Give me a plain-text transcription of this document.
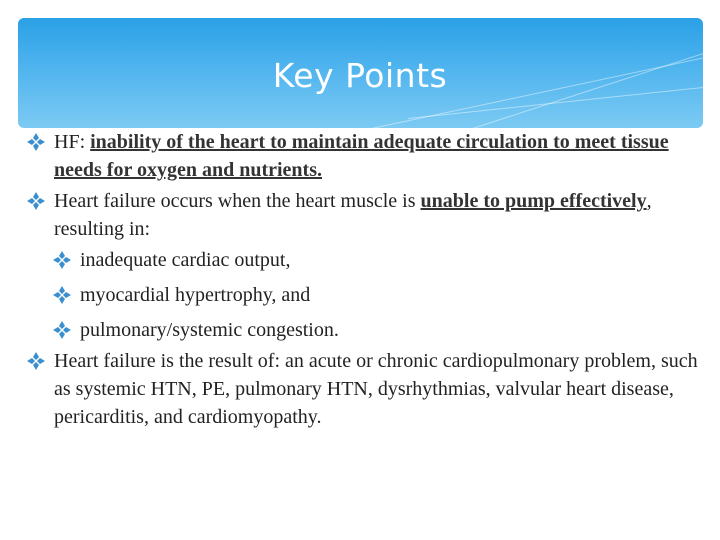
Key Points
HF: inability of the heart to maintain adequate circulation to meet tissue needs for oxygen and nutrients.
Heart failure occurs when the heart muscle is unable to pump effectively, resulting in:
inadequate cardiac output,
myocardial hypertrophy, and
pulmonary/systemic congestion.
Heart failure is the result of: an acute or chronic cardiopulmonary problem, such as systemic HTN, PE, pulmonary HTN, dysrhythmias, valvular heart disease, pericarditis, and cardiomyopathy.
